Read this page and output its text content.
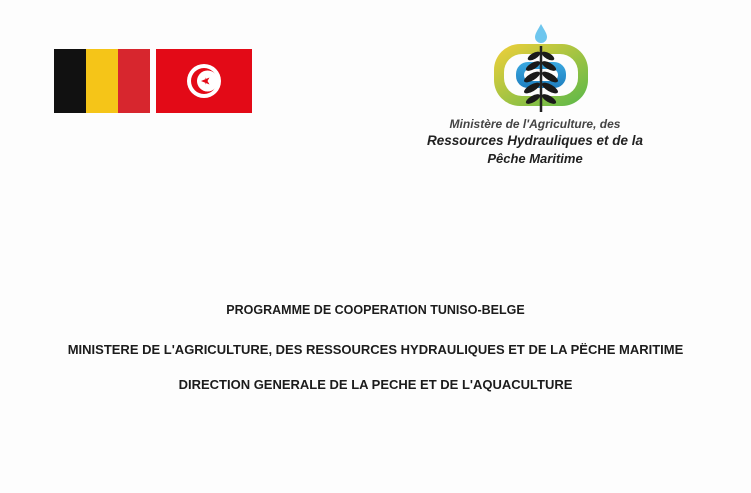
Ministère de l'Agriculture, des
Ressources Hydrauliques et de la
Pêche Maritime
PROGRAMME DE COOPERATION TUNISO-BELGE
MINISTERE DE L'AGRICULTURE, DES RESSOURCES HYDRAULIQUES ET DE LA PËCHE MARITIME
DIRECTION GENERALE DE LA PECHE ET DE L'AQUACULTURE
